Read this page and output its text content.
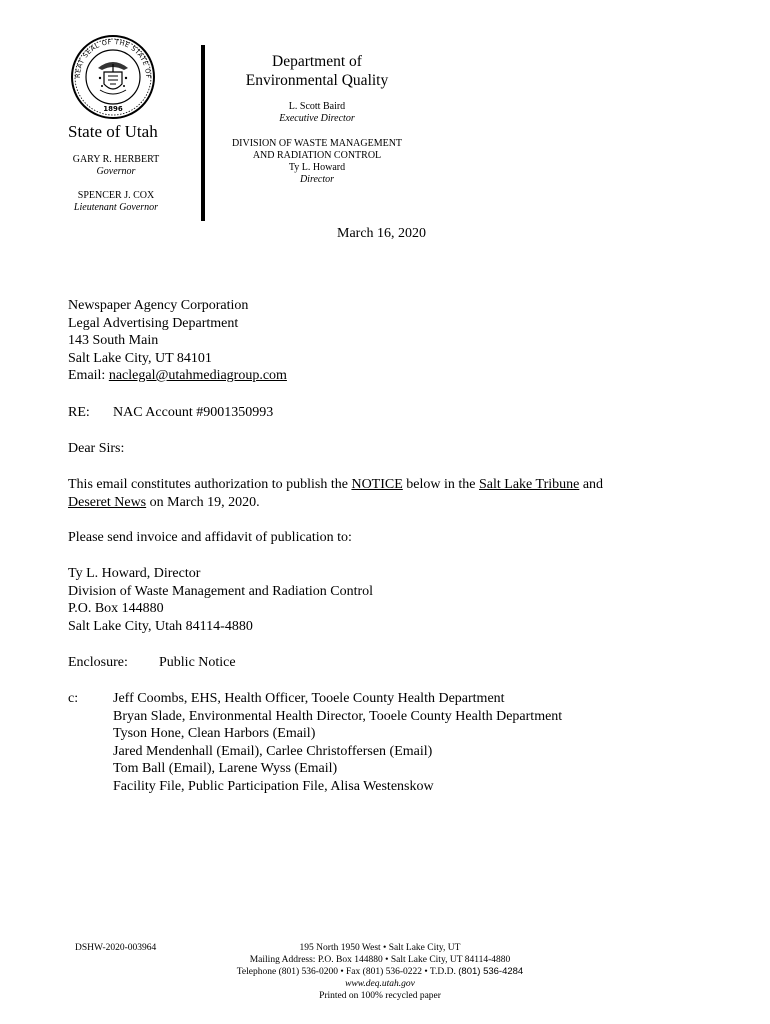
REAT SEAL OF THE STATE OF
1896
State of Utah
GARY R. HERBERT
Governor
SPENCER J. COX
Lieutenant Governor
Department of
Environmental Quality
L. Scott Baird
Executive Director
DIVISION OF WASTE MANAGEMENT
AND RADIATION CONTROL
Ty L. Howard
Director
March 16, 2020
Newspaper Agency Corporation
Legal Advertising Department
143 South Main
Salt Lake City, UT 84101
Email: naclegal@utahmediagroup.com
RE: NAC Account #9001350993
Dear Sirs:
This email constitutes authorization to publish the NOTICE below in the Salt Lake Tribune and
Deseret News on March 19, 2020.
Please send invoice and affidavit of publication to:
Ty L. Howard, Director
Division of Waste Management and Radiation Control
P.O. Box 144880
Salt Lake City, Utah 84114-4880
Enclosure: Public Notice
c: Jeff Coombs, EHS, Health Officer, Tooele County Health Department
Bryan Slade, Environmental Health Director, Tooele County Health Department
Tyson Hone, Clean Harbors (Email)
Jared Mendenhall (Email), Carlee Christoffersen (Email)
Tom Ball (Email), Larene Wyss (Email)
Facility File, Public Participation File, Alisa Westenskow
DSHW-2020-003964	195 North 1950 West • Salt Lake City, UT
Mailing Address: P.O. Box 144880 • Salt Lake City, UT 84114-4880
Telephone (801) 536-0200 • Fax (801) 536-0222 • T.D.D. (801) 536-4284
www.deq.utah.gov
Printed on 100% recycled paper
